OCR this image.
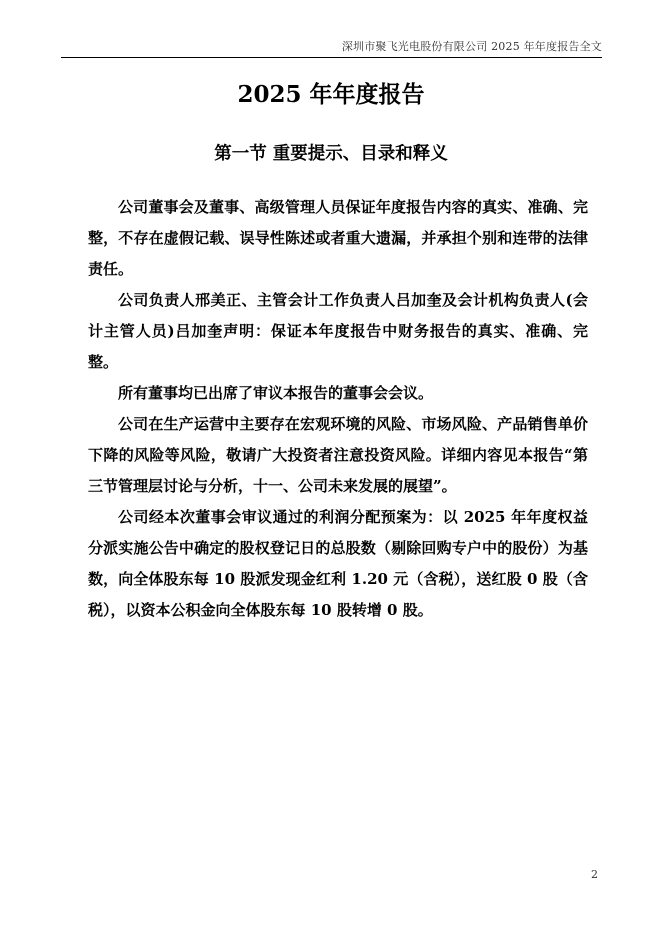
深圳市聚飞光电股份有限公司 2025 年年度报告全文
2025 年年度报告
第一节 重要提示、目录和释义

公司董事会及董事、高级管理人员保证年度报告内容的真实、准确、完整，不存在虚假记载、误导性陈述或者重大遗漏，并承担个别和连带的法律责任。

公司负责人邢美正、主管会计工作负责人吕加奎及会计机构负责人(会计主管人员)吕加奎声明：保证本年度报告中财务报告的真实、准确、完整。

所有董事均已出席了审议本报告的董事会会议。

公司在生产运营中主要存在宏观环境的风险、市场风险、产品销售单价下降的风险等风险，敬请广大投资者注意投资风险。详细内容见本报告“第三节管理层讨论与分析，十一、公司未来发展的展望”。

公司经本次董事会审议通过的利润分配预案为：以 2025 年年度权益分派实施公告中确定的股权登记日的总股数（剔除回购专户中的股份）为基数，向全体股东每 10 股派发现金红利 1.20 元（含税），送红股 0 股（含税），以资本公积金向全体股东每 10 股转增 0 股。

2
